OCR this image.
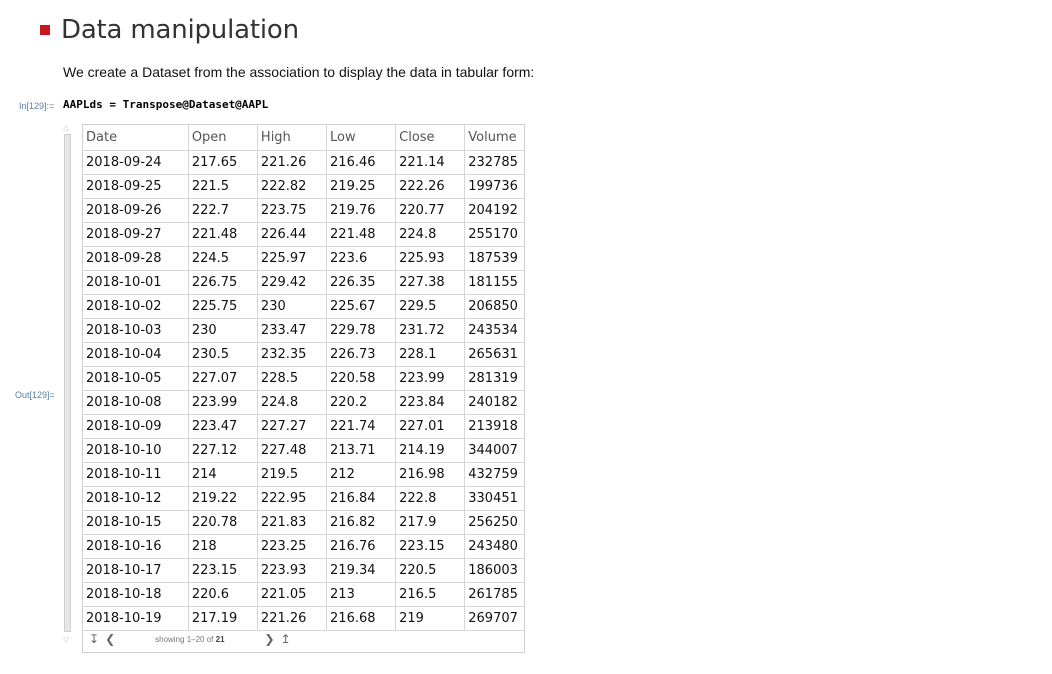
Data manipulation
We create a Dataset from the association to display the data in tabular form:
In[129]:= AAPLds = Transpose@Dataset@AAPL
Out[129]=
△
▽
Date	Open	High	Low	Close	Volume
2018-09-24	217.65	221.26	216.46	221.14	232785
2018-09-25	221.5	222.82	219.25	222.26	199736
2018-09-26	222.7	223.75	219.76	220.77	204192
2018-09-27	221.48	226.44	221.48	224.8	255170
2018-09-28	224.5	225.97	223.6	225.93	187539
2018-10-01	226.75	229.42	226.35	227.38	181155
2018-10-02	225.75	230	225.67	229.5	206850
2018-10-03	230	233.47	229.78	231.72	243534
2018-10-04	230.5	232.35	226.73	228.1	265631
2018-10-05	227.07	228.5	220.58	223.99	281319
2018-10-08	223.99	224.8	220.2	223.84	240182
2018-10-09	223.47	227.27	221.74	227.01	213918
2018-10-10	227.12	227.48	213.71	214.19	344007
2018-10-11	214	219.5	212	216.98	432759
2018-10-12	219.22	222.95	216.84	222.8	330451
2018-10-15	220.78	221.83	216.82	217.9	256250
2018-10-16	218	223.25	216.76	223.15	243480
2018-10-17	223.15	223.93	219.34	220.5	186003
2018-10-18	220.6	221.05	213	216.5	261785
2018-10-19	217.19	221.26	216.68	219	269707
↧ ❮	showing 1–20 of 21	❯ ↥
